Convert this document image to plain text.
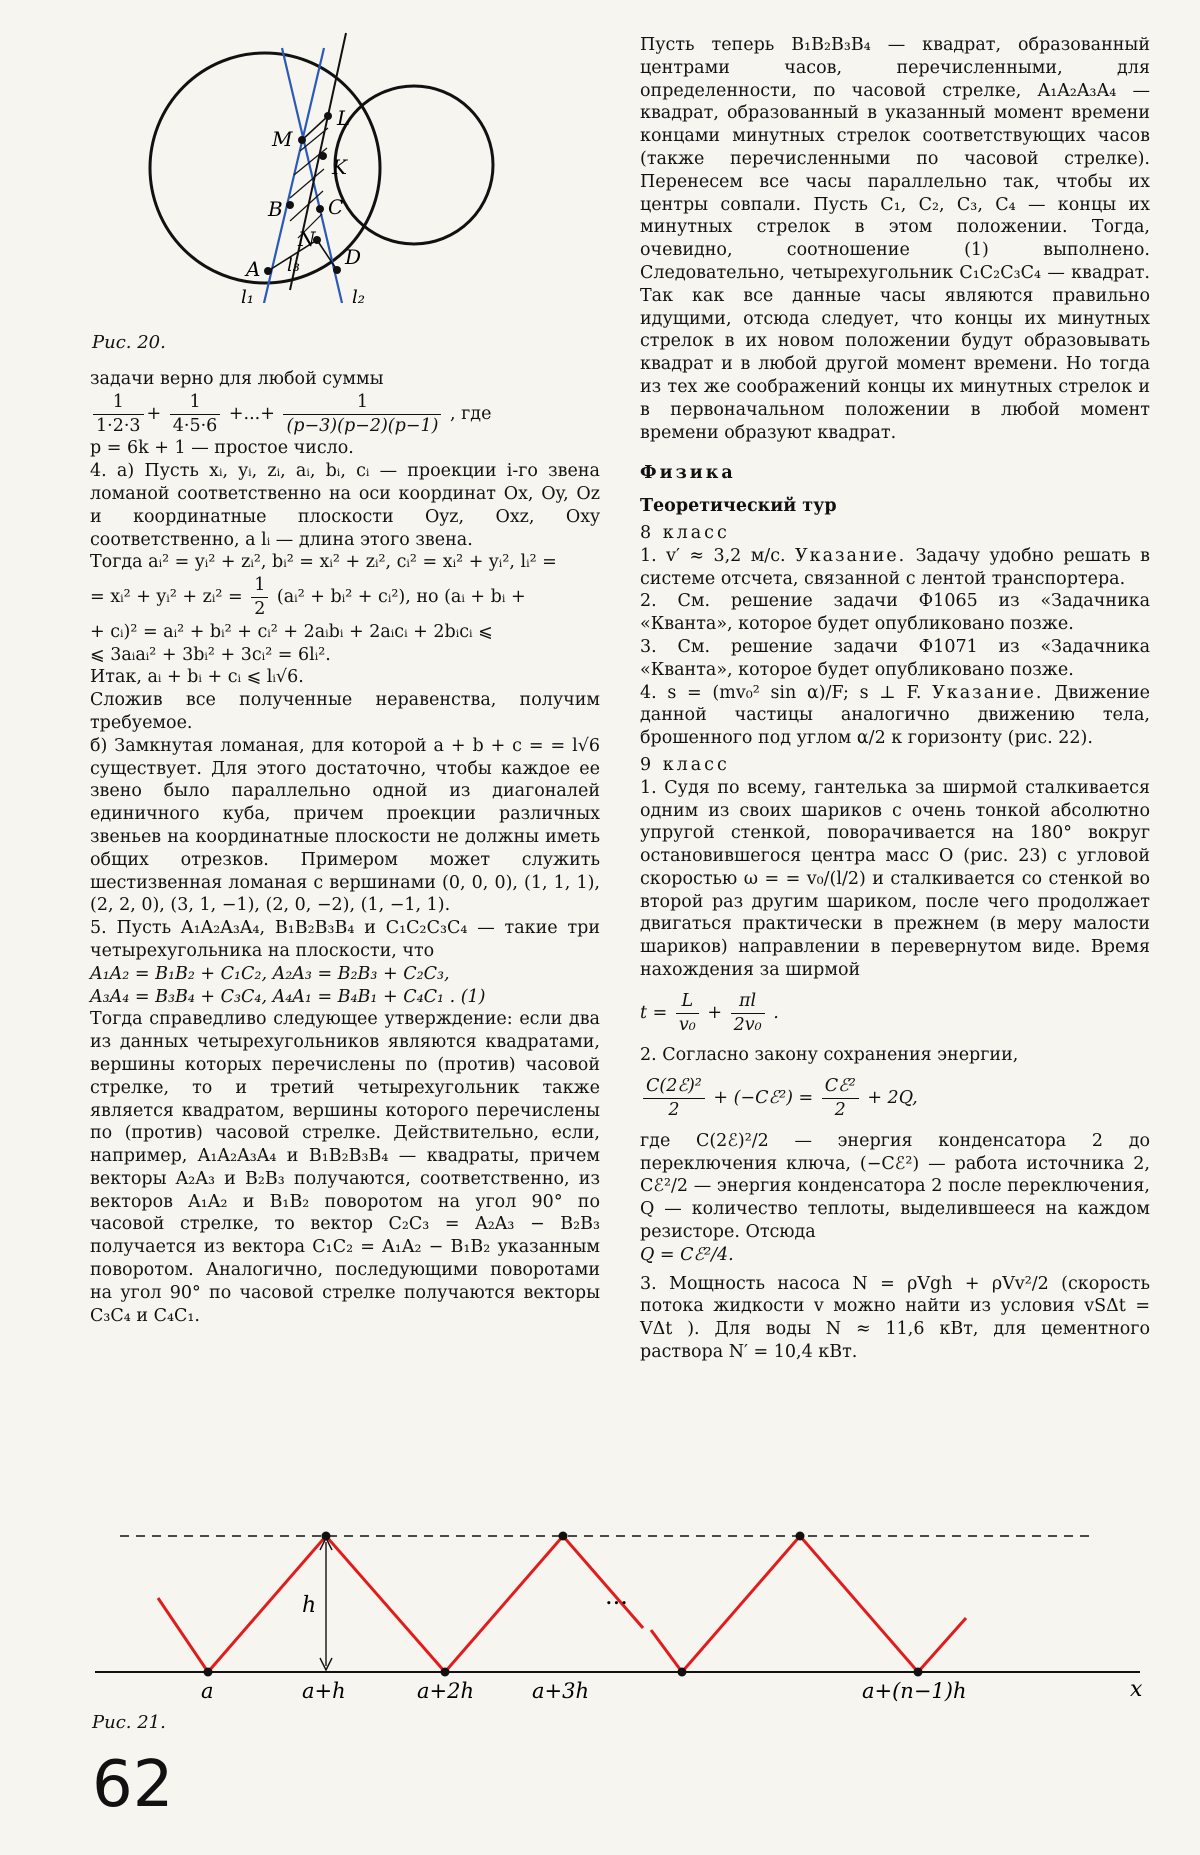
M
L
K
B C
N
A	D
l₁
l₃
l₂
Рис. 20.

задачи верно для любой суммы

$\frac{1}{1\cdot 2\cdot 3} + \frac{1}{4\cdot 5\cdot 6}$ +...+ $\frac{1}{(p-3)(p-2)(p-1)}$ , где

p = 6k + 1 — простое число.

4. а) Пусть xᵢ, yᵢ, zᵢ, aᵢ, bᵢ, cᵢ — проекции i-го звена ломаной соответственно на оси координат Ox, Oy, Oz и координатные плоскости Oyz, Oxz, Oxy соответственно, а lᵢ — длина этого звена.

Тогда aᵢ² = yᵢ² + zᵢ², bᵢ² = xᵢ² + zᵢ², cᵢ² = xᵢ² + yᵢ², lᵢ² =

= xᵢ² + yᵢ² + zᵢ² = $\frac{1}{2}$ (aᵢ² + bᵢ² + cᵢ²), но (aᵢ + bᵢ +

+ cᵢ)² = aᵢ² + bᵢ² + cᵢ² + 2aᵢbᵢ + 2aᵢcᵢ + 2bᵢcᵢ ⩽

⩽ 3aᵢaᵢ² + 3bᵢ² + 3cᵢ² = 6lᵢ².

Итак, aᵢ + bᵢ + cᵢ ⩽ lᵢ√6.

Сложив все полученные неравенства, получим требуемое.

б) Замкнутая ломаная, для которой a + b + c = = l√6 существует. Для этого достаточно, чтобы каждое ее звено было параллельно одной из диагоналей единичного куба, причем проекции различных звеньев на координатные плоскости не должны иметь общих отрезков. Примером может служить шестизвенная ломаная с вершинами (0, 0, 0), (1, 1, 1), (2, 2, 0), (3, 1, −1), (2, 0, −2), (1, −1, 1).

5. Пусть A₁A₂A₃A₄, B₁B₂B₃B₄ и C₁C₂C₃C₄ — такие три четырехугольника на плоскости, что

A₁A₂ = B₁B₂ + C₁C₂, A₂A₃ = B₂B₃ + C₂C₃,

A₃A₄ = B₃B₄ + C₃C₄, A₄A₁ = B₄B₁ + C₄C₁ . (1)

Тогда справедливо следующее утверждение: если два из данных четырехугольников являются квадратами, вершины которых перечислены по (против) часовой стрелке, то и третий четырехугольник также является квадратом, вершины которого перечислены по (против) часовой стрелке. Действительно, если, например, A₁A₂A₃A₄ и B₁B₂B₃B₄ — квадраты, причем векторы A₂A₃ и B₂B₃ получаются, соответственно, из векторов A₁A₂ и B₁B₂ поворотом на угол 90° по часовой стрелке, то вектор C₂C₃ = A₂A₃ − B₂B₃ получается из вектора C₁C₂ = A₁A₂ − B₁B₂ указанным поворотом. Аналогично, последующими поворотами на угол 90° по часовой стрелке получаются векторы C₃C₄ и C₄C₁.

Пусть теперь B₁B₂B₃B₄ — квадрат, образованный центрами часов, перечисленными, для определенности, по часовой стрелке, A₁A₂A₃A₄ — квадрат, образованный в указанный момент времени концами минутных стрелок соответствующих часов (также перечисленными по часовой стрелке). Перенесем все часы параллельно так, чтобы их центры совпали. Пусть C₁, C₂, C₃, C₄ — концы их минутных стрелок в этом положении. Тогда, очевидно, соотношение (1) выполнено. Следовательно, четырехугольник C₁C₂C₃C₄ — квадрат. Так как все данные часы являются правильно идущими, отсюда следует, что концы их минутных стрелок в их новом положении будут образовывать квадрат и в любой другой момент времени. Но тогда из тех же соображений концы их минутных стрелок и в первоначальном положении в любой момент времени образуют квадрат.

Физика

Теоретический тур

8 класс

1. v′ ≈ 3,2 м/с. Указание. Задачу удобно решать в системе отсчета, связанной с лентой транспортера.

2. См. решение задачи Ф1065 из «Задачника «Кванта», которое будет опубликовано позже.

3. См. решение задачи Ф1071 из «Задачника «Кванта», которое будет опубликовано позже.

4. s = (mv₀² sin α)/F; s ⊥ F. Указание. Движение данной частицы аналогично движению тела, брошенного под углом α/2 к горизонту (рис. 22).

9 класс

1. Судя по всему, гантелька за ширмой сталкивается одним из своих шариков с очень тонкой абсолютно упругой стенкой, поворачивается на 180° вокруг остановившегося центра масс O (рис. 23) с угловой скоростью ω = = v₀/(l/2) и сталкивается со стенкой во второй раз другим шариком, после чего продолжает двигаться практически в прежнем (в меру малости шариков) направлении в перевернутом виде. Время нахождения за ширмой

$t = \frac{L}{\text{v₀}} + \frac{\pi l}{\text{2v₀}}$ .

2. Согласно закону сохранения энергии,

$\frac{\text{C(2ℰ)²}}{2}$ + (−Cℰ²) = $\frac{\text{Cℰ²}}{2} + 2Q$,

где C(2ℰ)²/2 — энергия конденсатора 2 до переключения ключа, (−Cℰ²) — работа источника 2, Cℰ²/2 — энергия конденсатора 2 после переключения, Q — количество теплоты, выделившееся на каждом резисторе. Отсюда

Q = Cℰ²/4.

3. Мощность насоса N = ρVgh + ρVv²/2 (скорость потока жидкости v можно найти из условия vSΔt = VΔt ). Для воды N ≈ 11,6 кВт, для цементного раствора N′ = 10,4 кВт.

h	...
a	a+h	a+2h	a+3h	a+(n−1)h	x
Рис. 21.
62
